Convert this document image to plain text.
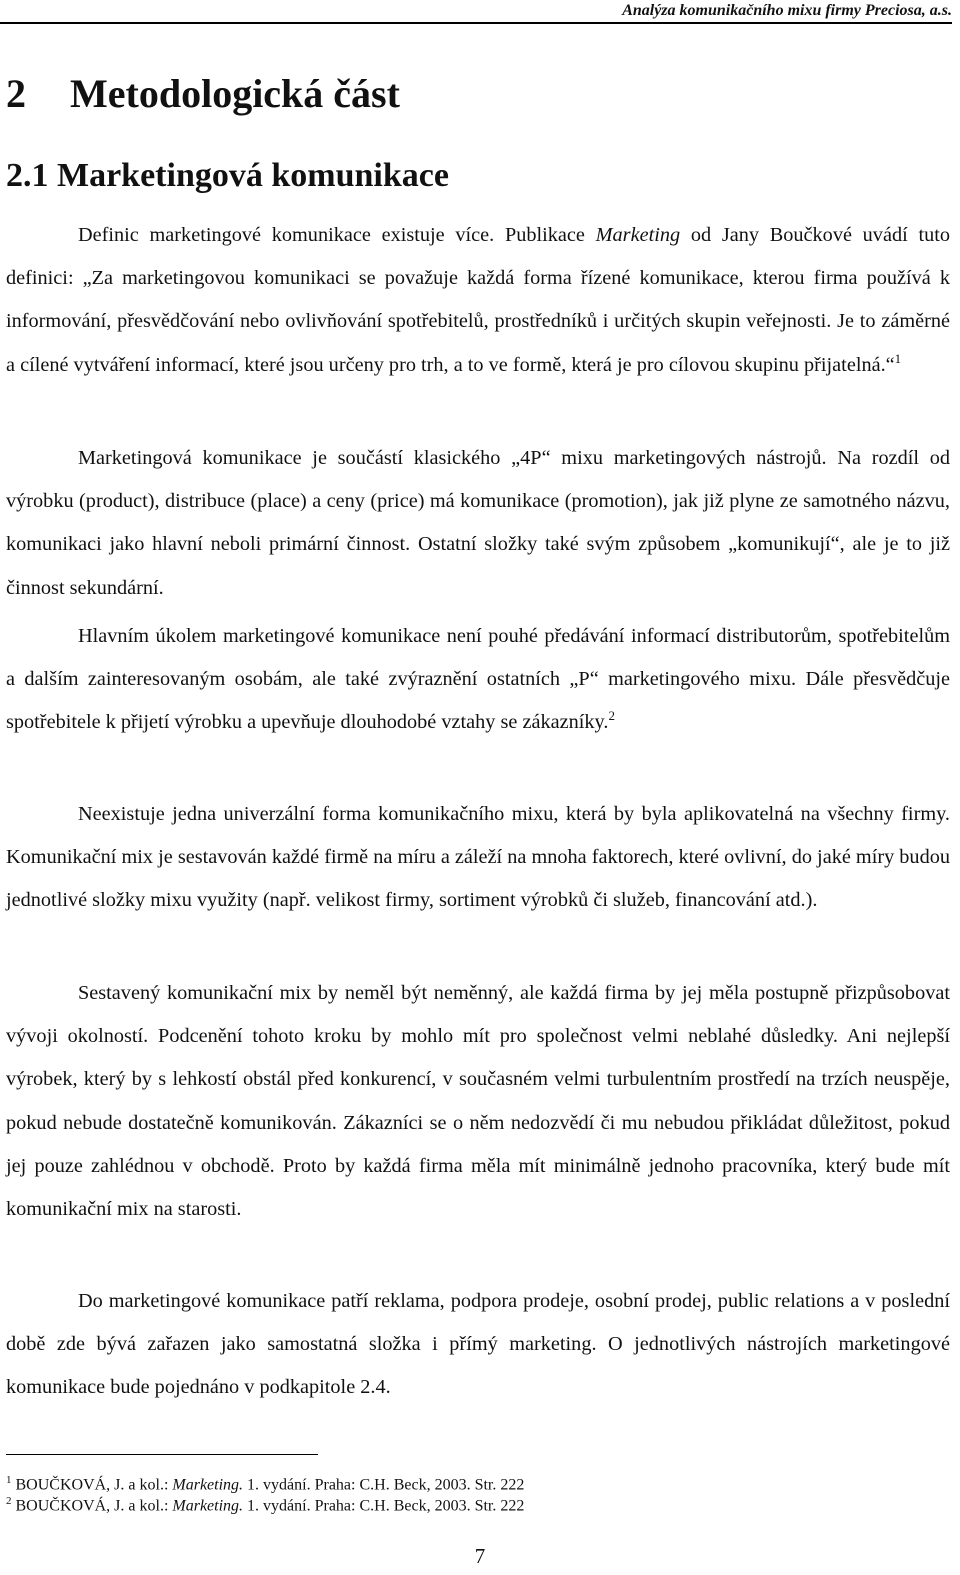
Analýza komunikačního mixu firmy Preciosa, a.s.
2 Metodologická část
2.1 Marketingová komunikace

Definic marketingové komunikace existuje více. Publikace Marketing od Jany Boučkové uvádí tuto definici: „Za marketingovou komunikaci se považuje každá forma řízené komunikace, kterou firma používá k informování, přesvědčování nebo ovlivňování spotřebitelů, prostředníků i určitých skupin veřejnosti. Je to záměrné a cílené vytváření informací, které jsou určeny pro trh, a to ve formě, která je pro cílovou skupinu přijatelná.“$^1$

Marketingová komunikace je součástí klasického „4P“ mixu marketingových nástrojů. Na rozdíl od výrobku (product), distribuce (place) a ceny (price) má komunikace (promotion), jak již plyne ze samotného názvu, komunikaci jako hlavní neboli primární činnost. Ostatní složky také svým způsobem „komunikují“, ale je to již činnost sekundární.

Hlavním úkolem marketingové komunikace není pouhé předávání informací distributorům, spotřebitelům a dalším zainteresovaným osobám, ale také zvýraznění ostatních „P“ marketingového mixu. Dále přesvědčuje spotřebitele k přijetí výrobku a upevňuje dlouhodobé vztahy se zákazníky.$^2$

Neexistuje jedna univerzální forma komunikačního mixu, která by byla aplikovatelná na všechny firmy. Komunikační mix je sestavován každé firmě na míru a záleží na mnoha faktorech, které ovlivní, do jaké míry budou jednotlivé složky mixu využity (např. velikost firmy, sortiment výrobků či služeb, financování atd.).

Sestavený komunikační mix by neměl být neměnný, ale každá firma by jej měla postupně přizpůsobovat vývoji okolností. Podcenění tohoto kroku by mohlo mít pro společnost velmi neblahé důsledky. Ani nejlepší výrobek, který by s lehkostí obstál před konkurencí, v současném velmi turbulentním prostředí na trzích neuspěje, pokud nebude dostatečně komunikován. Zákazníci se o něm nedozvědí či mu nebudou přikládat důležitost, pokud jej pouze zahlédnou v obchodě. Proto by každá firma měla mít minimálně jednoho pracovníka, který bude mít komunikační mix na starosti.

Do marketingové komunikace patří reklama, podpora prodeje, osobní prodej, public relations a v poslední době zde bývá zařazen jako samostatná složka i přímý marketing. O jednotlivých nástrojích marketingové komunikace bude pojednáno v podkapitole 2.4.

$^1$ BOUČKOVÁ, J. a kol.: Marketing. 1. vydání. Praha: C.H. Beck, 2003. Str. 222

$^2$ BOUČKOVÁ, J. a kol.: Marketing. 1. vydání. Praha: C.H. Beck, 2003. Str. 222

7
